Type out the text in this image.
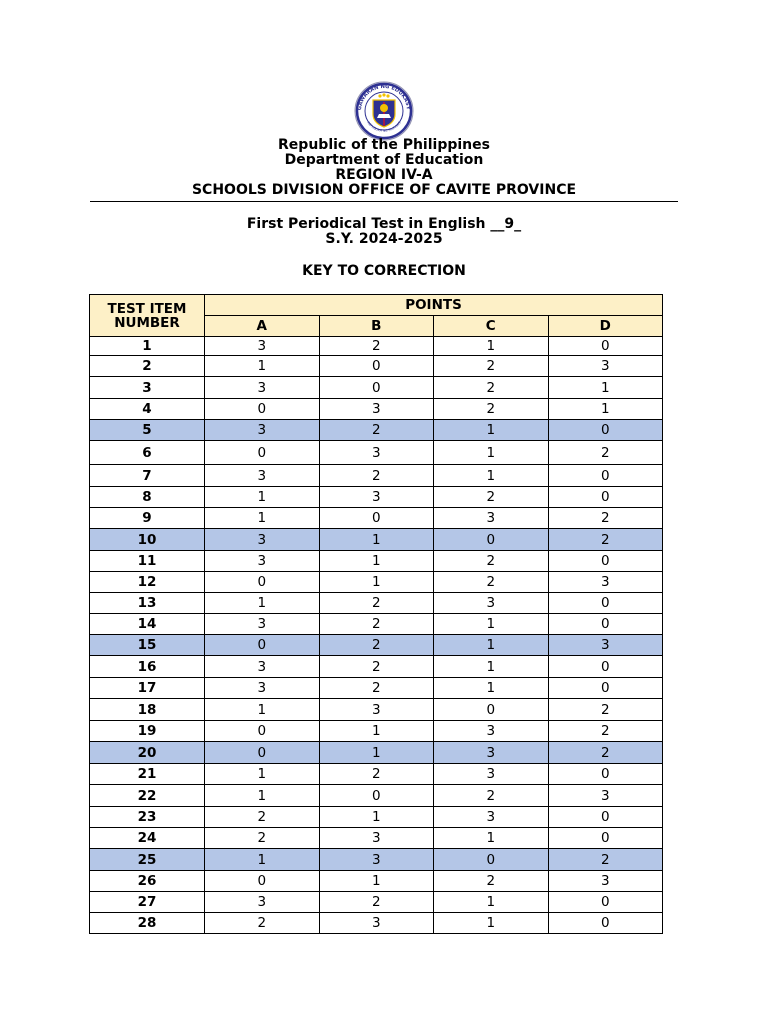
GAWARAN NG EDUKASY
REPUBLIKA NG PILIPINAS
Republic of the Philippines
Department of Education
REGION IV-A
SCHOOLS DIVISION OFFICE OF CAVITE PROVINCE
First Periodical Test in English __9_
S.Y. 2024-2025
KEY TO CORRECTION
TEST ITEM NUMBER	POINTS			
	A	B	C	D
1	3	2	1	0
2	1	0	2	3
3	3	0	2	1
4	0	3	2	1
5	3	2	1	0
6	0	3	1	2
7	3	2	1	0
8	1	3	2	0
9	1	0	3	2
10	3	1	0	2
11	3	1	2	0
12	0	1	2	3
13	1	2	3	0
14	3	2	1	0
15	0	2	1	3
16	3	2	1	0
17	3	2	1	0
18	1	3	0	2
19	0	1	3	2
20	0	1	3	2
21	1	2	3	0
22	1	0	2	3
23	2	1	3	0
24	2	3	1	0
25	1	3	0	2
26	0	1	2	3
27	3	2	1	0
28	2	3	1	0
